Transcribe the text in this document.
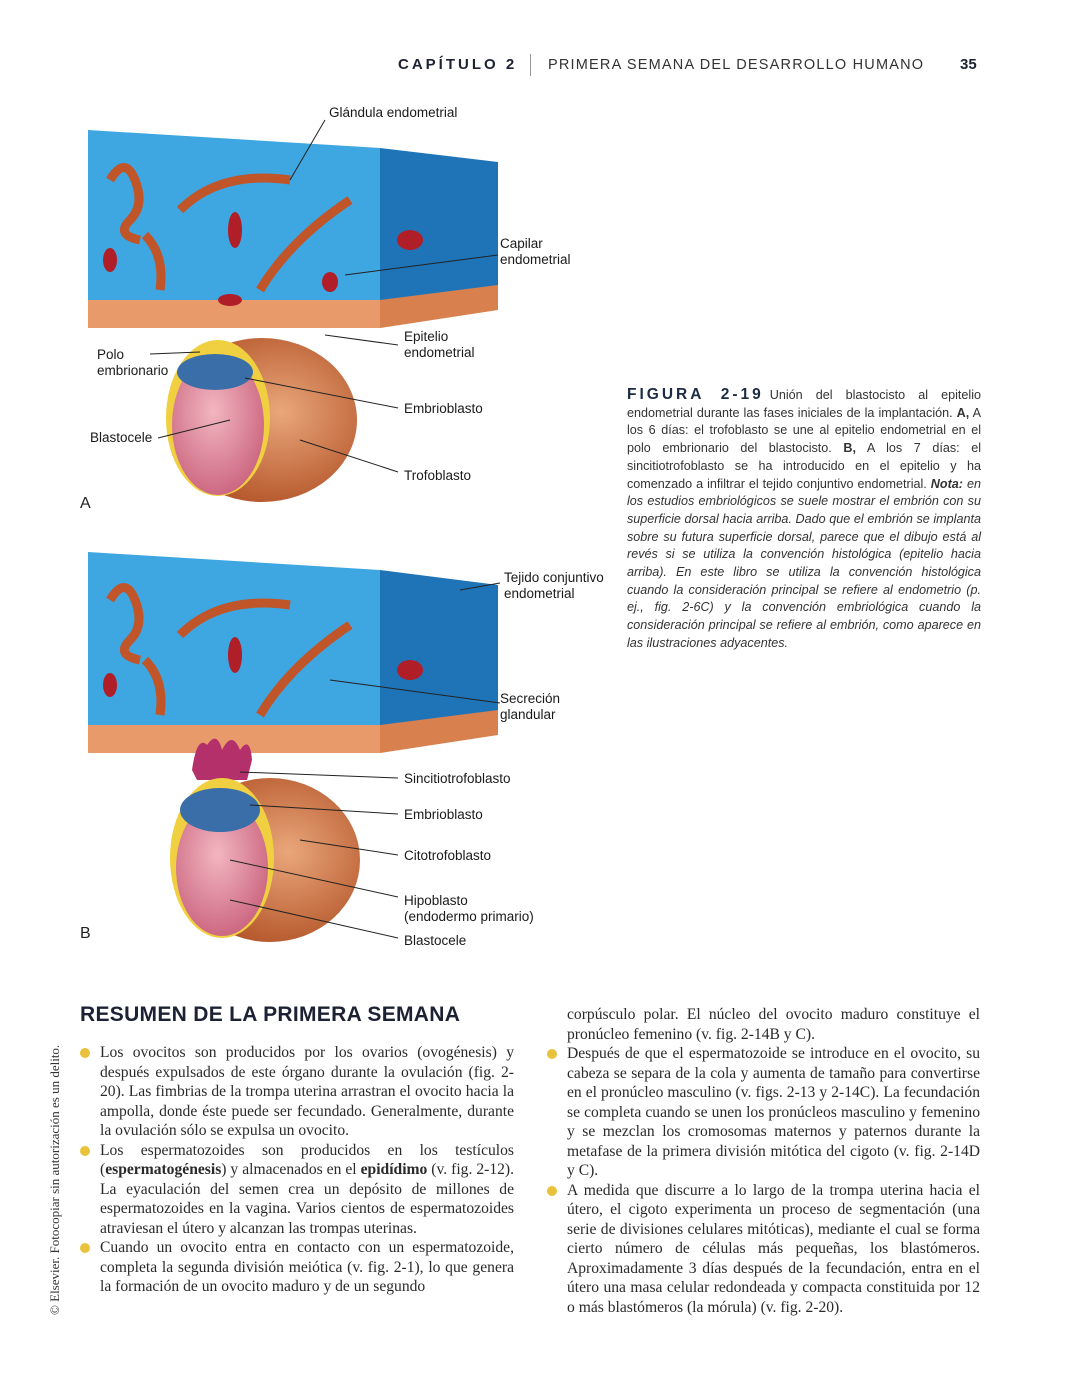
CAPÍTULO 2 PRIMERA SEMANA DEL DESARROLLO HUMANO 35
Glándula endometrial
Capilar
endometrial
Epitelio
endometrial
Polo
embrionario
Embrioblasto
Blastocele
Trofoblasto
A
Tejido conjuntivo
endometrial
Secreción
glandular
Sincitiotrofoblasto
Embrioblasto
Citotrofoblasto
Hipoblasto
(endodermo primario)
Blastocele
B
FIGURA 2-19 Unión del blastocisto al epitelio endometrial durante las fases iniciales de la implantación. A, A los 6 días: el trofoblasto se une al epitelio endometrial en el polo embrionario del blastocisto. B, A los 7 días: el sincitiotrofoblasto se ha introducido en el epitelio y ha comenzado a infiltrar el tejido conjuntivo endometrial. Nota: en los estudios embriológicos se suele mostrar el embrión con su superficie dorsal hacia arriba. Dado que el embrión se implanta sobre su futura superficie dorsal, parece que el dibujo está al revés si se utiliza la convención histológica (epitelio hacia arriba). En este libro se utiliza la convención histológica cuando la consideración principal se refiere al endometrio (p. ej., fig. 2-6C) y la convención embriológica cuando la consideración principal se refiere al embrión, como aparece en las ilustraciones adyacentes.
RESUMEN DE LA PRIMERA SEMANA

Los ovocitos son producidos por los ovarios (ovogénesis) y después expulsados de este órgano durante la ovulación (fig. 2-20). Las fimbrias de la trompa uterina arrastran el ovocito hacia la ampolla, donde éste puede ser fecundado. Generalmente, durante la ovulación sólo se expulsa un ovocito.

Los espermatozoides son producidos en los testículos (espermatogénesis) y almacenados en el epidídimo (v. fig. 2-12). La eyaculación del semen crea un depósito de millones de espermatozoides en la vagina. Varios cientos de espermatozoides atraviesan el útero y alcanzan las trompas uterinas.

Cuando un ovocito entra en contacto con un espermatozoide, completa la segunda división meiótica (v. fig. 2-1), lo que genera la formación de un ovocito maduro y de un segundo

corpúsculo polar. El núcleo del ovocito maduro constituye el pronúcleo femenino (v. fig. 2-14B y C).

Después de que el espermatozoide se introduce en el ovocito, su cabeza se separa de la cola y aumenta de tamaño para convertirse en el pronúcleo masculino (v. figs. 2-13 y 2-14C). La fecundación se completa cuando se unen los pronúcleos masculino y femenino y se mezclan los cromosomas maternos y paternos durante la metafase de la primera división mitótica del cigoto (v. fig. 2-14D y C).

A medida que discurre a lo largo de la trompa uterina hacia el útero, el cigoto experimenta un proceso de segmentación (una serie de divisiones celulares mitóticas), mediante el cual se forma cierto número de células más pequeñas, los blastómeros. Aproximadamente 3 días después de la fecundación, entra en el útero una masa celular redondeada y compacta constituida por 12 o más blastómeros (la mórula) (v. fig. 2-20).

© Elsevier. Fotocopiar sin autorización es un delito.
